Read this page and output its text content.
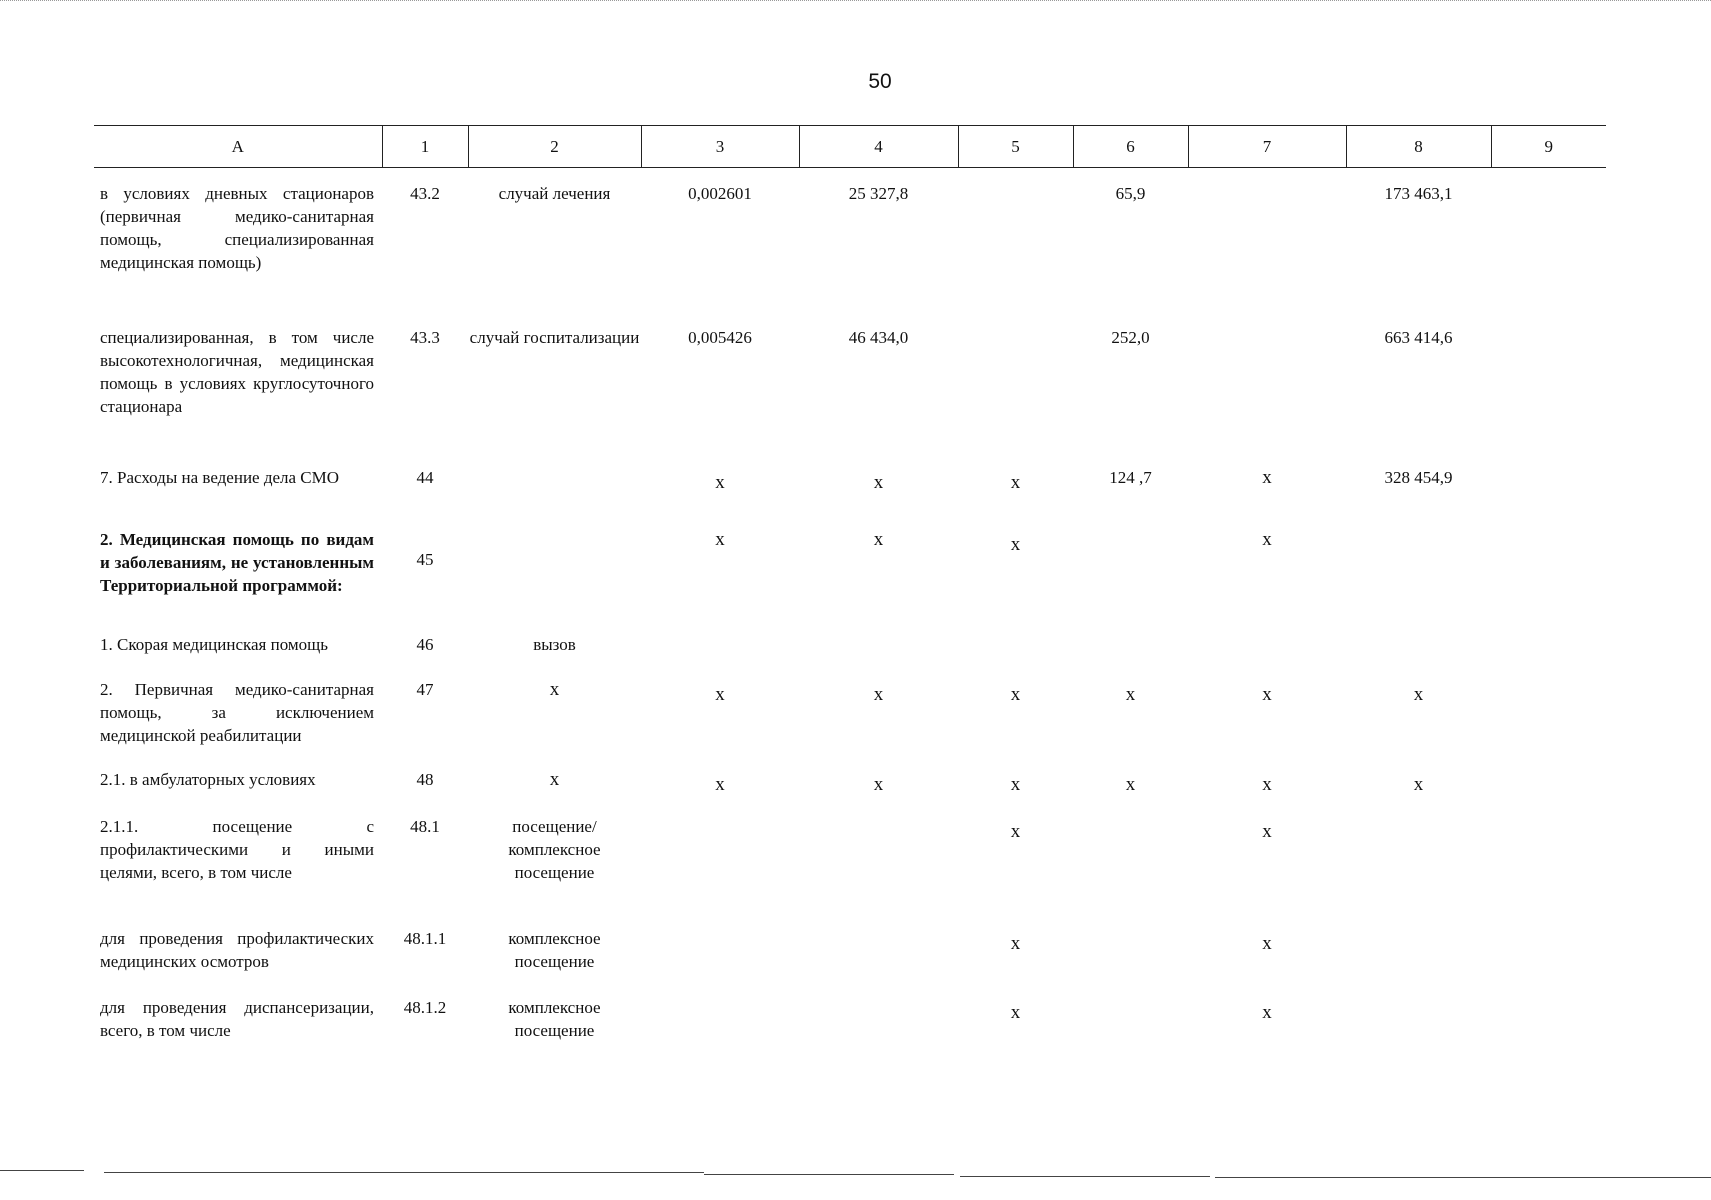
50
A	1	2	3	4	5	6	7	8	9
в условиях дневных стационаров (первичная медико-санитарная помощь, специализированная медицинская помощь)	43.2	случай лечения	0,002601	25 327,8		65,9		173 463,1	
специализированная, в том числе высокотехнологичная, медицинская помощь в условиях круглосуточного стационара	43.3	случай госпитализации	0,005426	46 434,0		252,0		663 414,6	
7. Расходы на ведение дела СМО	44		х	х	х	124 ,7	х	328 454,9	
2. Медицинская помощь по видам и заболеваниям, не установленным Территориальной программой:	45		х	х	х		х		
1. Скорая медицинская помощь	46	вызов							
2. Первичная медико-санитарная помощь, за исключением медицинской реабилитации	47	х	х	х	х	х	х	х	
2.1. в амбулаторных условиях	48	х	х	х	х	х	х	х	
2.1.1. посещение с профилактическими и иными целями, всего, в том числе	48.1	посещение/ комплексное посещение			х		х		
для проведения профилактических медицинских осмотров	48.1.1	комплексное посещение			х		х		
для проведения диспансеризации, всего, в том числе	48.1.2	комплексное посещение			х		х		
